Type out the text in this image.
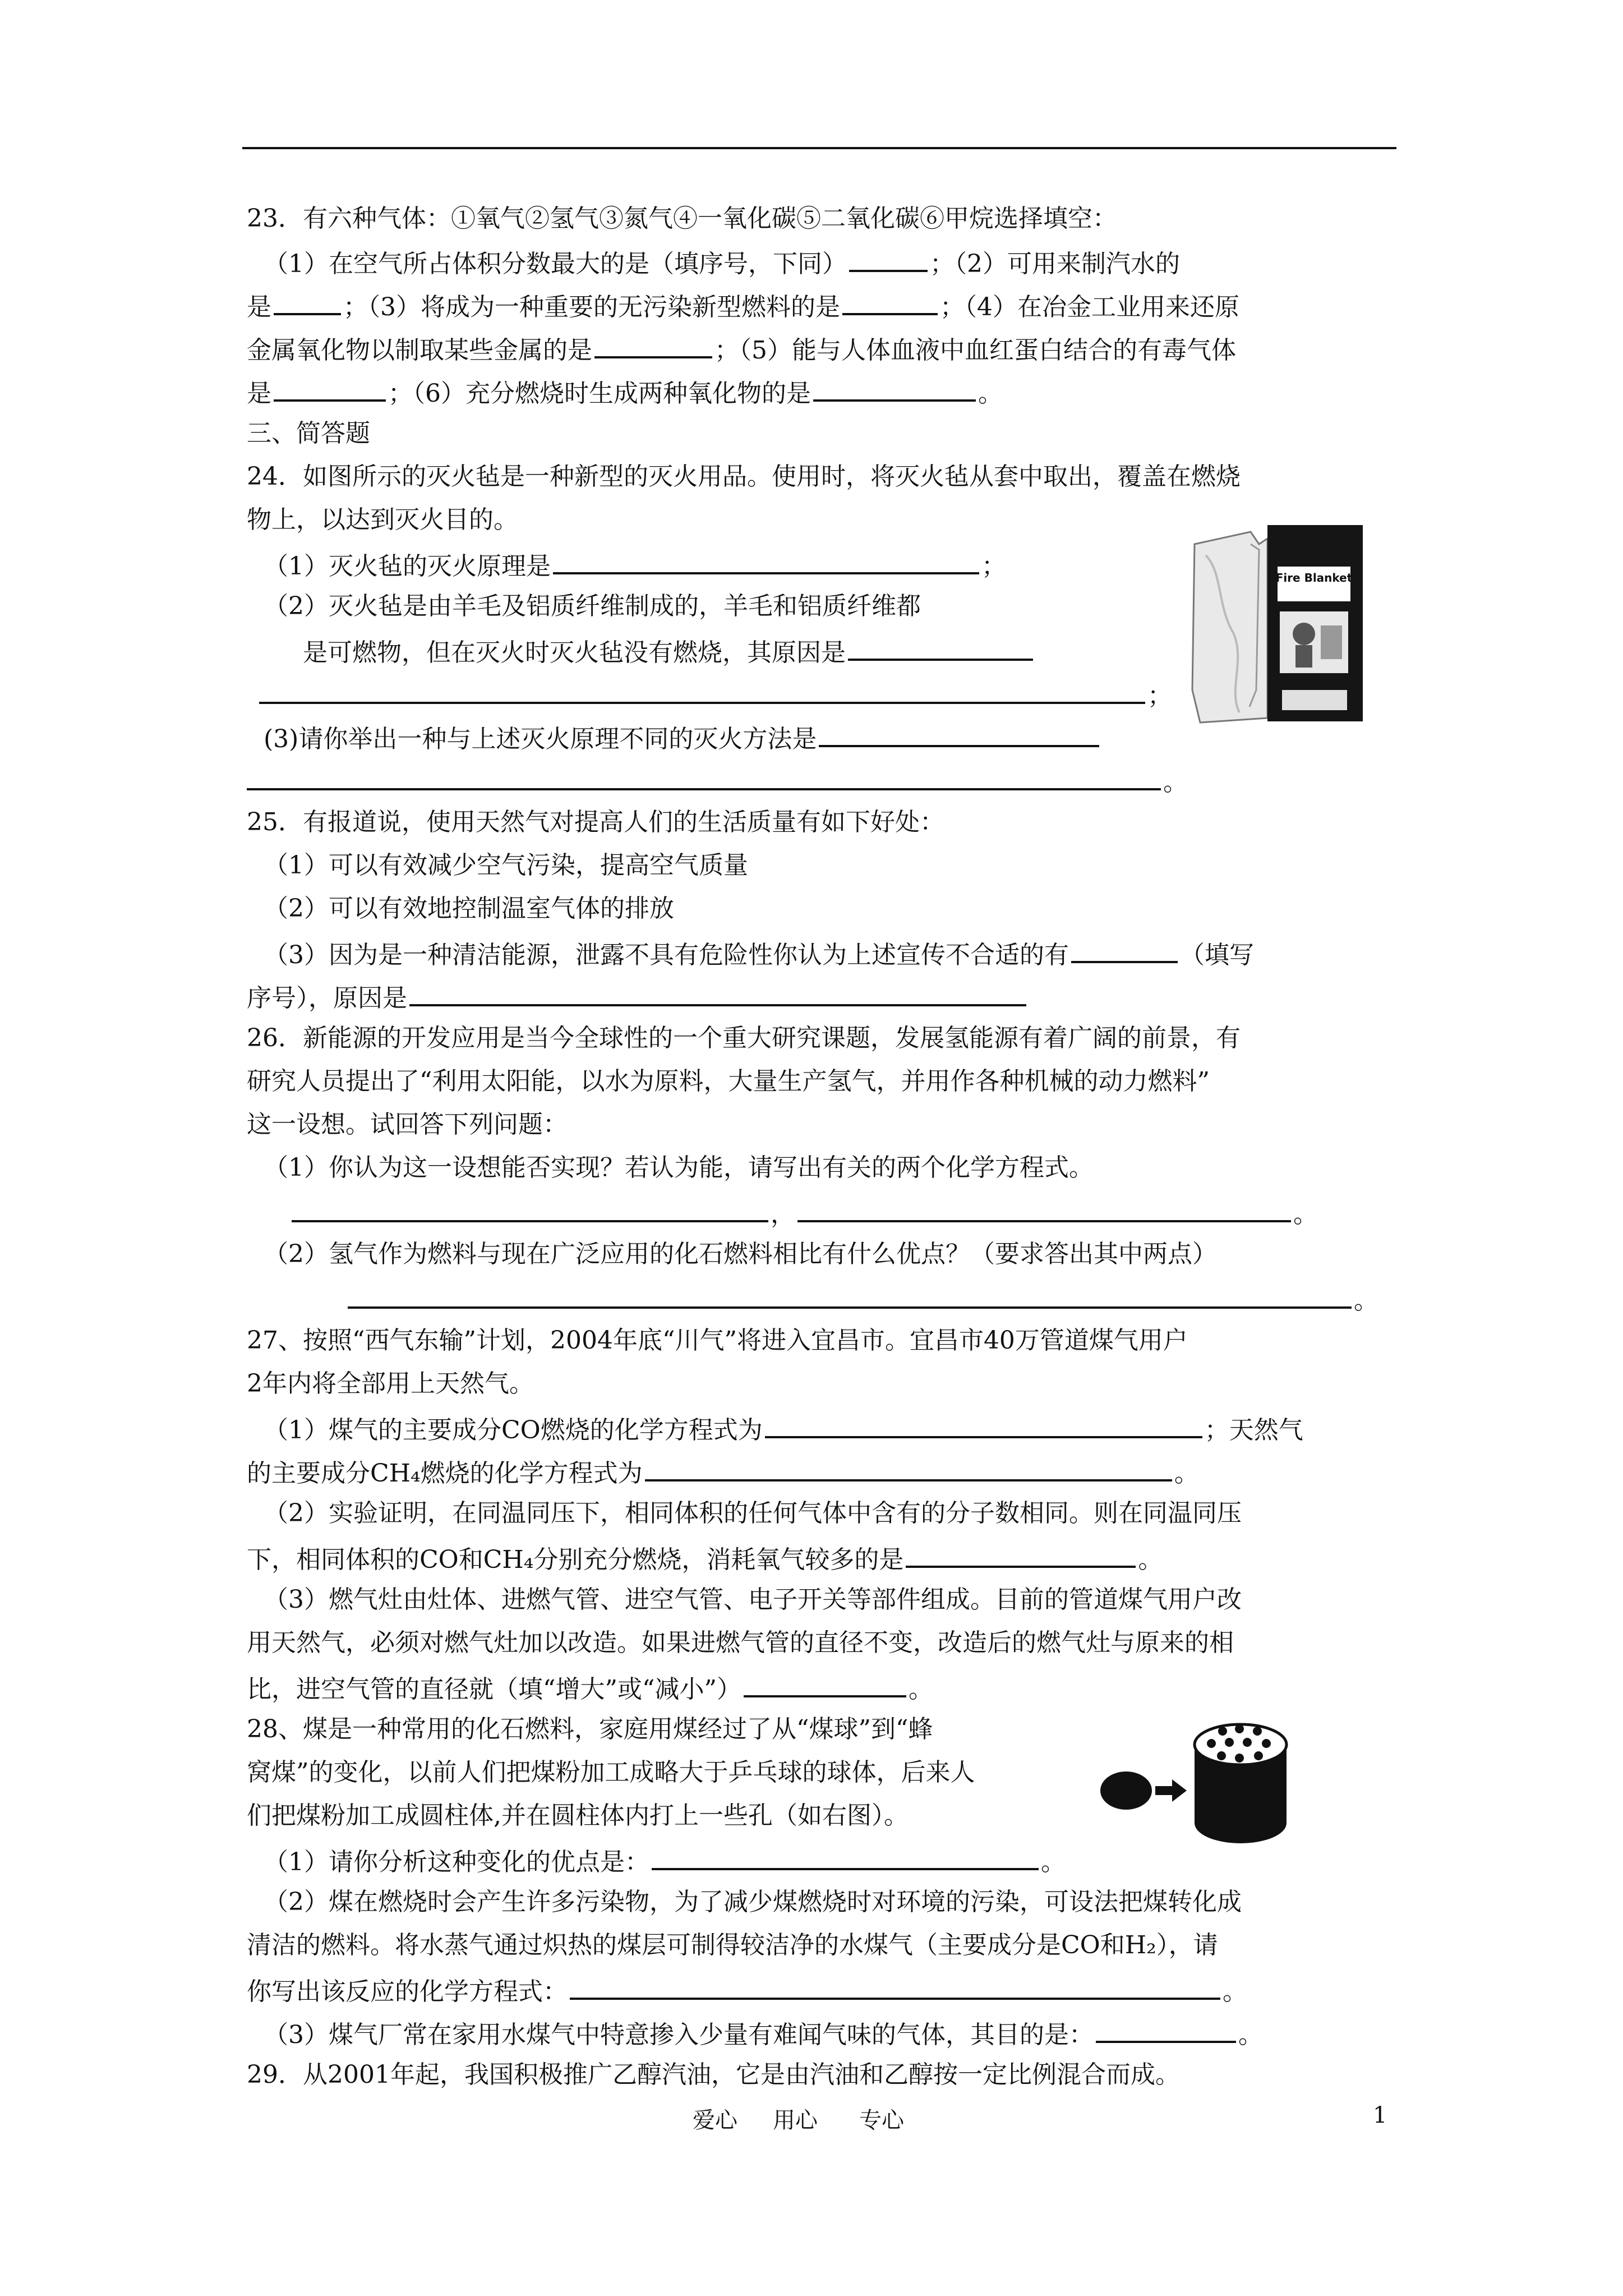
23．有六种气体：①氧气②氢气③氮气④一氧化碳⑤二氧化碳⑥甲烷选择填空：
（1）在空气所占体积分数最大的是（填序号，下同）	；（2）可用来制汽水的
是	；（3）将成为一种重要的无污染新型燃料的是	；（4）在冶金工业用来还原
金属氧化物以制取某些金属的是	；（5）能与人体血液中血红蛋白结合的有毒气体
是	；（6）充分燃烧时生成两种氧化物的是	。
三、简答题
24．如图所示的灭火毡是一种新型的灭火用品。使用时，将灭火毡从套中取出，覆盖在燃烧
物上，以达到灭火目的。
（1）灭火毡的灭火原理是	；
（2）灭火毡是由羊毛及铝质纤维制成的，羊毛和铝质纤维都
是可燃物，但在灭火时灭火毡没有燃烧，其原因是
；
(3)请你举出一种与上述灭火原理不同的灭火方法是
。
Fire Blanket
25．有报道说，使用天然气对提高人们的生活质量有如下好处：
（1）可以有效减少空气污染，提高空气质量
（2）可以有效地控制温室气体的排放
（3）因为是一种清洁能源，泄露不具有危险性你认为上述宣传不合适的有	（填写
序号），原因是
26．新能源的开发应用是当今全球性的一个重大研究课题，发展氢能源有着广阔的前景，有
研究人员提出了“利用太阳能，以水为原料，大量生产氢气，并用作各种机械的动力燃料”
这一设想。试回答下列问题：
（1）你认为这一设想能否实现？若认为能，请写出有关的两个化学方程式。
，	。
（2）氢气作为燃料与现在广泛应用的化石燃料相比有什么优点？（要求答出其中两点）
。
27、按照“西气东输”计划，2004年底“川气”将进入宜昌市。宜昌市40万管道煤气用户
2年内将全部用上天然气。
（1）煤气的主要成分CO燃烧的化学方程式为	；天然气
的主要成分CH₄燃烧的化学方程式为	。
（2）实验证明，在同温同压下，相同体积的任何气体中含有的分子数相同。则在同温同压
下，相同体积的CO和CH₄分别充分燃烧，消耗氧气较多的是	。
（3）燃气灶由灶体、进燃气管、进空气管、电子开关等部件组成。目前的管道煤气用户改
用天然气，必须对燃气灶加以改造。如果进燃气管的直径不变，改造后的燃气灶与原来的相
比，进空气管的直径就（填“增大”或“减小”）	。
28、煤是一种常用的化石燃料，家庭用煤经过了从“煤球”到“蜂
窝煤”的变化，以前人们把煤粉加工成略大于乒乓球的球体，后来人
们把煤粉加工成圆柱体,并在圆柱体内打上一些孔（如右图）。
（1）请你分析这种变化的优点是：	。
（2）煤在燃烧时会产生许多污染物，为了减少煤燃烧时对环境的污染，可设法把煤转化成
清洁的燃料。将水蒸气通过炽热的煤层可制得较洁净的水煤气（主要成分是CO和H₂），请
你写出该反应的化学方程式：	。
（3）煤气厂常在家用水煤气中特意掺入少量有难闻气味的气体，其目的是：	。
29．从2001年起，我国积极推广乙醇汽油，它是由汽油和乙醇按一定比例混合而成。
爱心 用心 专心	1
